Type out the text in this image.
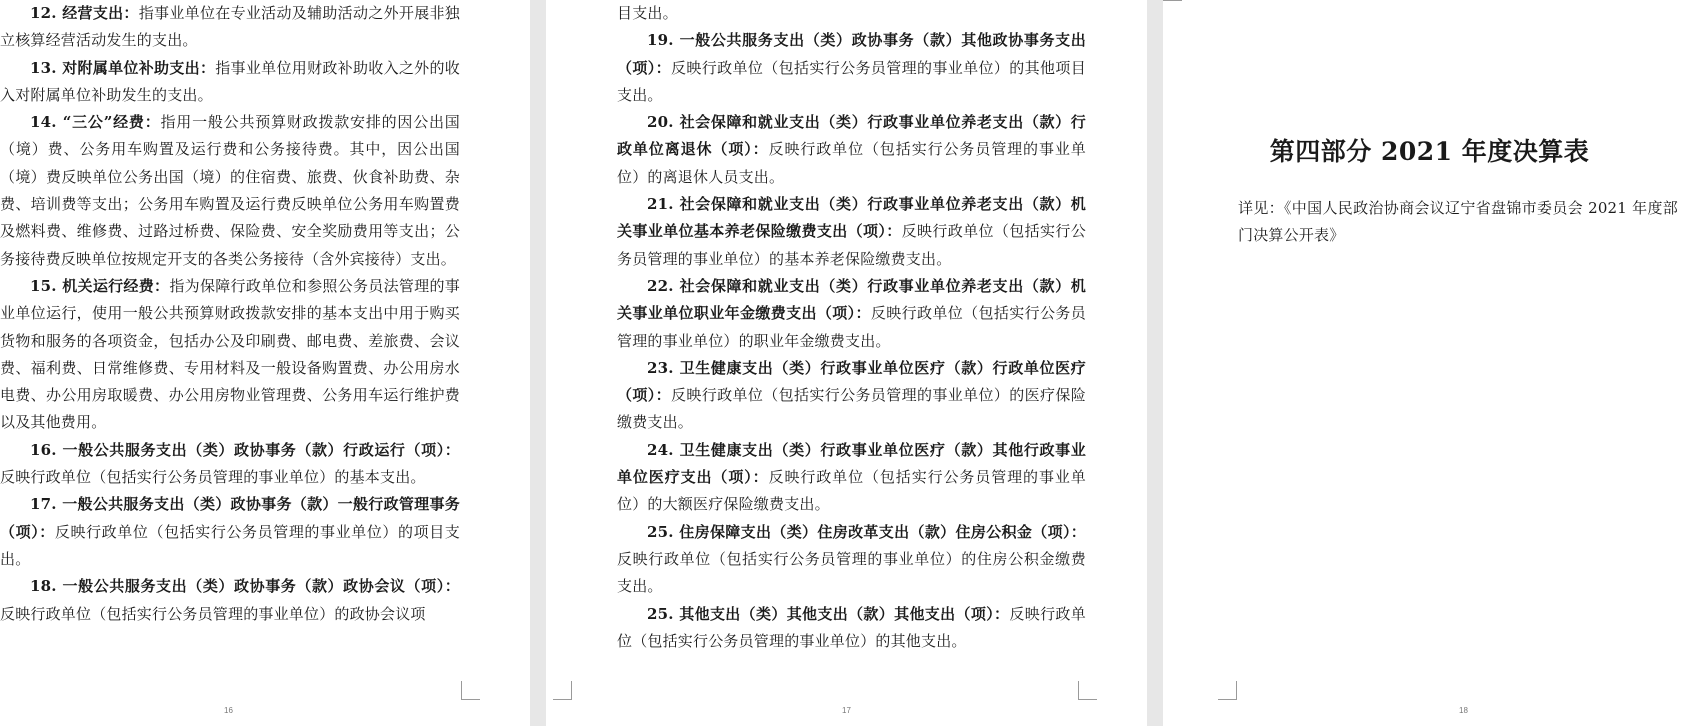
12. 经营支出：指事业单位在专业活动及辅助活动之外开展非独立核算经营活动发生的支出。

13. 对附属单位补助支出：指事业单位用财政补助收入之外的收入对附属单位补助发生的支出。

14. “三公”经费：指用一般公共预算财政拨款安排的因公出国（境）费、公务用车购置及运行费和公务接待费。其中，因公出国（境）费反映单位公务出国（境）的住宿费、旅费、伙食补助费、杂费、培训费等支出；公务用车购置及运行费反映单位公务用车购置费及燃料费、维修费、过路过桥费、保险费、安全奖励费用等支出；公务接待费反映单位按规定开支的各类公务接待（含外宾接待）支出。

15. 机关运行经费：指为保障行政单位和参照公务员法管理的事业单位运行，使用一般公共预算财政拨款安排的基本支出中用于购买货物和服务的各项资金，包括办公及印刷费、邮电费、差旅费、会议费、福利费、日常维修费、专用材料及一般设备购置费、办公用房水电费、办公用房取暖费、办公用房物业管理费、公务用车运行维护费以及其他费用。

16. 一般公共服务支出（类）政协事务（款）行政运行（项）：反映行政单位（包括实行公务员管理的事业单位）的基本支出。

17. 一般公共服务支出（类）政协事务（款）一般行政管理事务（项）：反映行政单位（包括实行公务员管理的事业单位）的项目支出。

18. 一般公共服务支出（类）政协事务（款）政协会议（项）：反映行政单位（包括实行公务员管理的事业单位）的政协会议项

16

目支出。

19. 一般公共服务支出（类）政协事务（款）其他政协事务支出（项）：反映行政单位（包括实行公务员管理的事业单位）的其他项目支出。

20. 社会保障和就业支出（类）行政事业单位养老支出（款）行政单位离退休（项）：反映行政单位（包括实行公务员管理的事业单位）的离退休人员支出。

21. 社会保障和就业支出（类）行政事业单位养老支出（款）机关事业单位基本养老保险缴费支出（项）：反映行政单位（包括实行公务员管理的事业单位）的基本养老保险缴费支出。

22. 社会保障和就业支出（类）行政事业单位养老支出（款）机关事业单位职业年金缴费支出（项）：反映行政单位（包括实行公务员管理的事业单位）的职业年金缴费支出。

23. 卫生健康支出（类）行政事业单位医疗（款）行政单位医疗（项）：反映行政单位（包括实行公务员管理的事业单位）的医疗保险缴费支出。

24. 卫生健康支出（类）行政事业单位医疗（款）其他行政事业单位医疗支出（项）：反映行政单位（包括实行公务员管理的事业单位）的大额医疗保险缴费支出。

25. 住房保障支出（类）住房改革支出（款）住房公积金（项）：反映行政单位（包括实行公务员管理的事业单位）的住房公积金缴费支出。

25. 其他支出（类）其他支出（款）其他支出（项）：反映行政单位（包括实行公务员管理的事业单位）的其他支出。

17
第四部分 2021 年度决算表

详见：《中国人民政治协商会议辽宁省盘锦市委员会 2021 年度部门决算公开表》

18
